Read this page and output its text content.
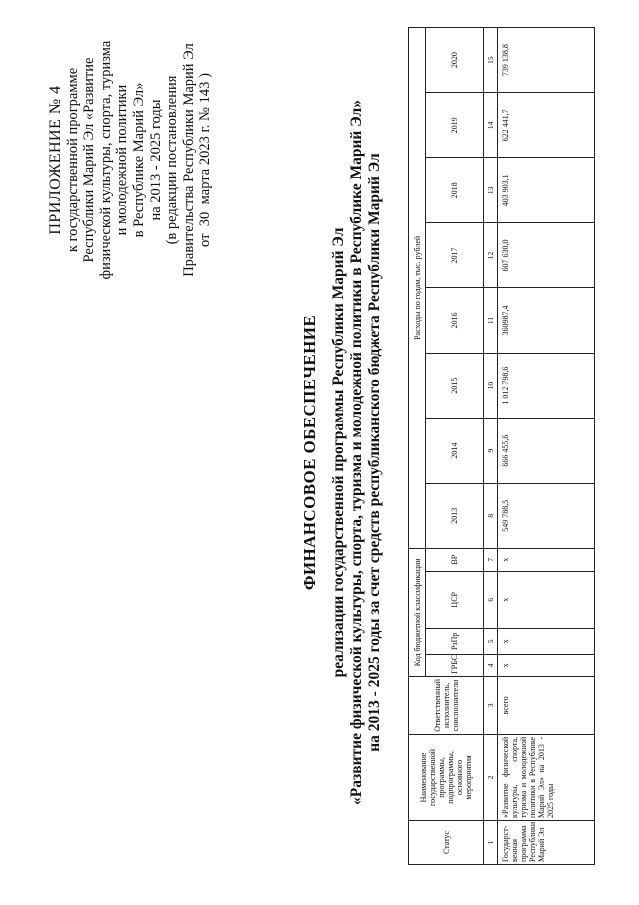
ПРИЛОЖЕНИЕ № 4 к государственной программе Республики Марий Эл «Развитие физической культуры, спорта, туризма и молодежной политики в Республике Марий Эл» на 2013 - 2025 годы (в редакции постановления Правительства Республики Марий Эл от 30 марта 2023 г. № 143 )
ФИНАНСОВОЕ ОБЕСПЕЧЕНИЕ реализации государственной программы Республики Марий Эл «Развитие физической культуры, спорта, туризма и молодежной политики в Республике Марий Эл» на 2013 - 2025 годы за счет средств республиканского бюджета Республики Марий Эл
Статус	Наименование государственной программы, подпрограммы, основного мероприятия	Ответственный исполнитель, соисполнители	Код бюджетной классификации				Расходы по годам, тыс. рублей							
			ГРБС	РзПр	ЦСР	ВР	2013	2014	2015	2016	2017	2018	2019	2020
1	2	3	4	5	6	7	8	9	10	11	12	13	14	15
Государст-венная программа Республики Марий Эл	«Развитие физической культуры, спорта, туризма и молодежной политики в Республике Марий Эл» на 2013 - 2025 годы	всего	х	х	х	х	549 788,5	666 455,6	1 012 798,6	360987,4	607 630,0	403 903,1	622 441,7	739 138,8
